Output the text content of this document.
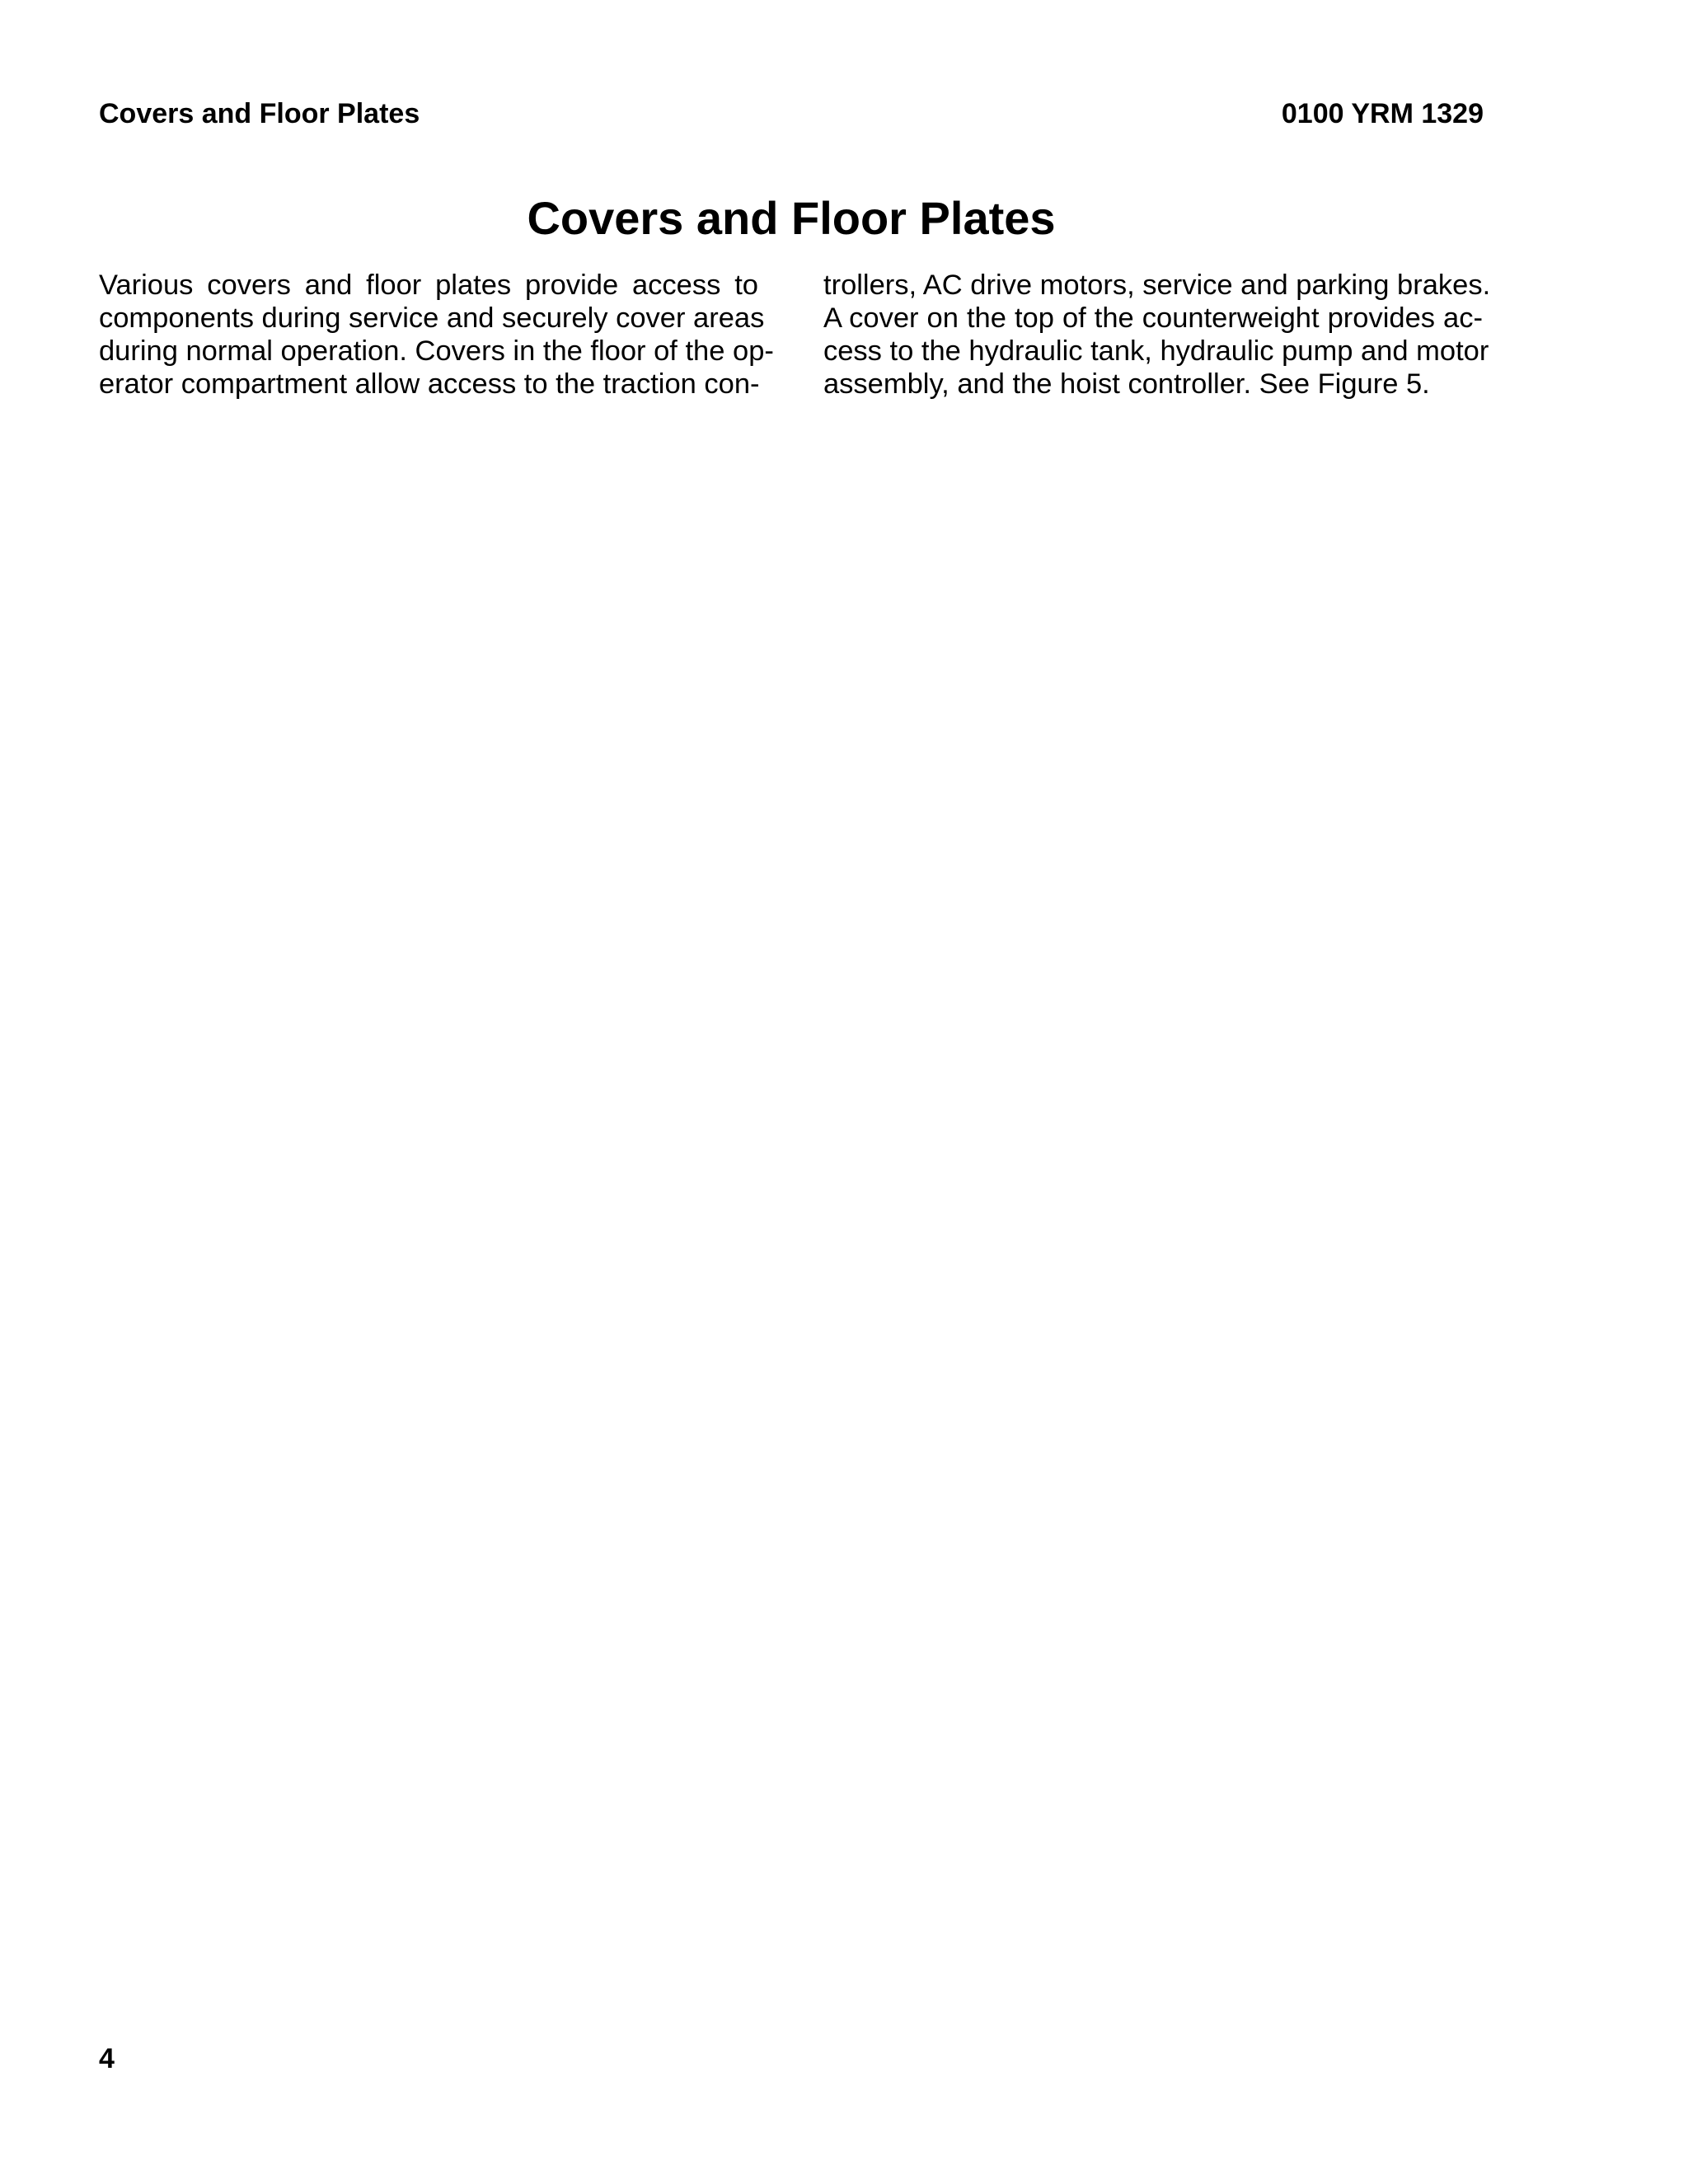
Covers and Floor Plates	0100 YRM 1329
Covers and Floor Plates
Various covers and floor plates provide access to
components during service and securely cover areas
during normal operation. Covers in the floor of the op-
erator compartment allow access to the traction con-
trollers, AC drive motors, service and parking brakes.
A cover on the top of the counterweight provides ac-
cess to the hydraulic tank, hydraulic pump and motor
assembly, and the hoist controller. See Figure 5.
4
